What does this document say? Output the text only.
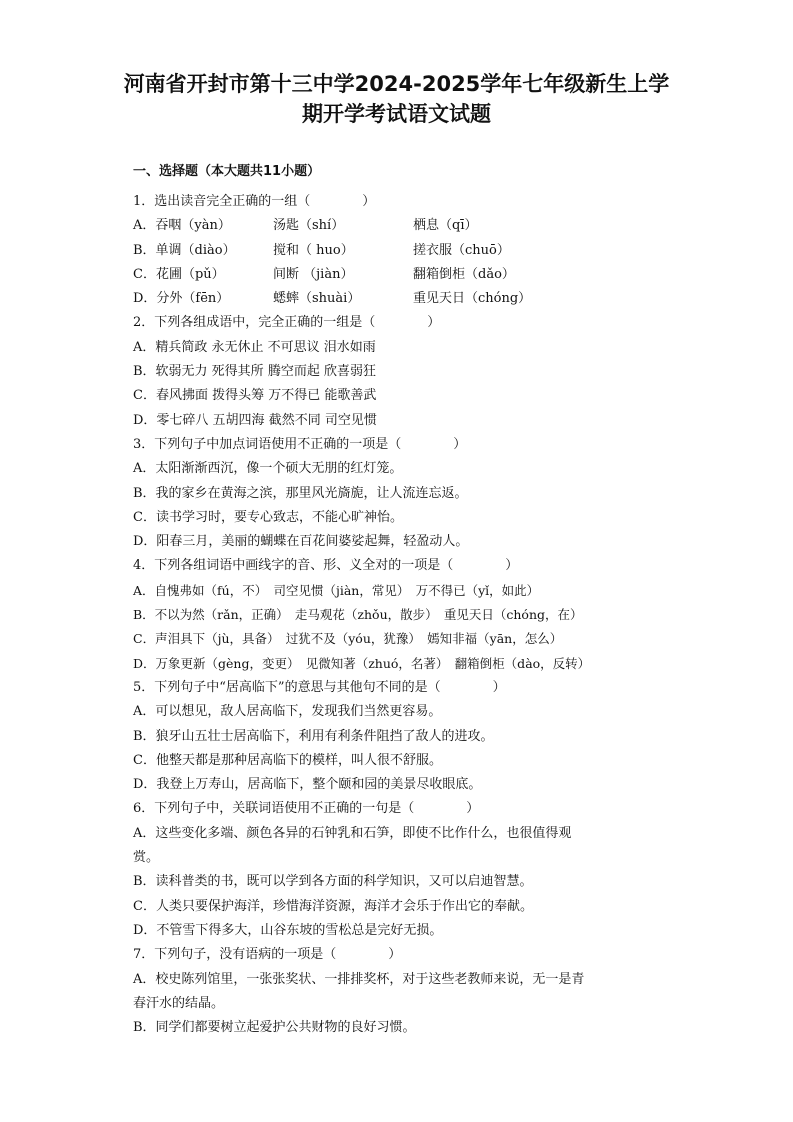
河南省开封市第十三中学2024-2025学年七年级新生上学
期开学考试语文试题
一、选择题（本大题共11小题）
1．选出读音完全正确的一组（　　　　）
A．吞咽（yàn）	汤匙（shí）	栖息（qī）
B．单调（diào）	搅和（ huo）	搓衣服（chuō）
C．花圃（pǔ）	间断 （jiàn）	翻箱倒柜（dǎo）
D．分外（fēn）	蟋蟀（shuài）	重见天日（chóng）
2．下列各组成语中，完全正确的一组是（　　　　）
A．精兵简政 永无休止 不可思议 泪水如雨
B．软弱无力 死得其所 腾空而起 欣喜弱狂
C．春风拂面 拨得头筹 万不得已 能歌善武
D．零七碎八 五胡四海 截然不同 司空见惯
3．下列句子中加点词语使用不正确的一项是（　　　　）
A．太阳渐渐西沉，像一个硕大无朋的红灯笼。
B．我的家乡在黄海之滨，那里风光旖旎，让人流连忘返。
C．读书学习时，要专心致志，不能心旷神怡。
D．阳春三月，美丽的蝴蝶在百花间婆娑起舞，轻盈动人。
4．下列各组词语中画线字的音、形、义全对的一项是（　　　　）
A．自愧弗如（fú，不）　司空见惯（jiàn，常见）　万不得已（yǐ，如此）
B．不以为然（rǎn，正确）　走马观花（zhǒu，散步）　重见天日（chóng，在）
C．声泪具下（jù，具备）　过犹不及（yóu，犹豫）　嫣知非福（yān，怎么）
D．万象更新（gèng，变更）　见微知著（zhuó，名著）　翻箱倒柜（dào，反转）
5．下列句子中“居高临下”的意思与其他句不同的是（　　　　）
A．可以想见，敌人居高临下，发现我们当然更容易。
B．狼牙山五壮士居高临下，利用有利条件阻挡了敌人的进攻。
C．他整天都是那种居高临下的模样，叫人很不舒服。
D．我登上万寿山，居高临下，整个颐和园的美景尽收眼底。
6．下列句子中，关联词语使用不正确的一句是（　　　　）
A．这些变化多端、颜色各异的石钟乳和石笋，即使不比作什么，也很值得观
赏。
B．读科普类的书，既可以学到各方面的科学知识，又可以启迪智慧。
C．人类只要保护海洋，珍惜海洋资源，海洋才会乐于作出它的奉献。
D．不管雪下得多大，山谷东坡的雪松总是完好无损。
7．下列句子，没有语病的一项是（　　　　）
A．校史陈列馆里，一张张奖状、一排排奖杯，对于这些老教师来说，无一是青
春汗水的结晶。
B．同学们都要树立起爱护公共财物的良好习惯。
